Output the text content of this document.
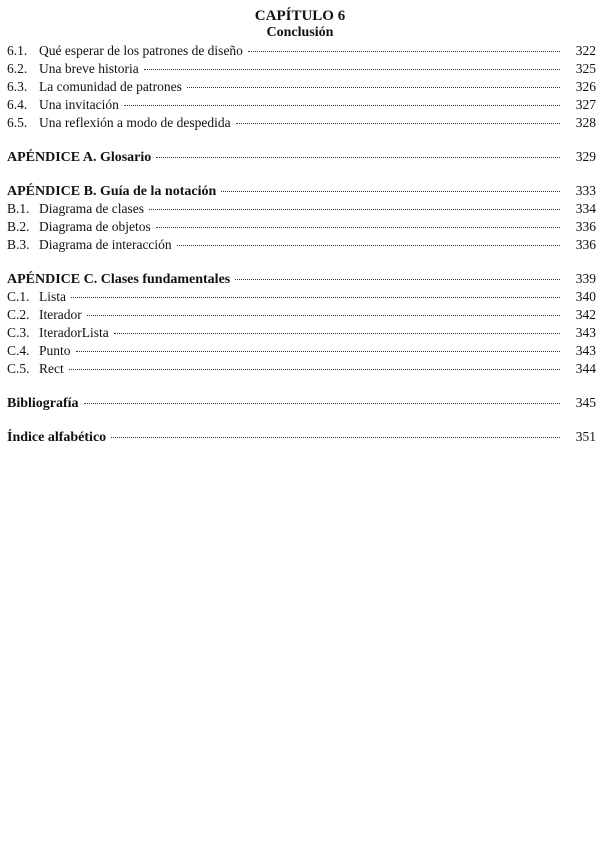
CAPÍTULO 6
Conclusión
6.1. Qué esperar de los patrones de diseño	322
6.2. Una breve historia	325
6.3. La comunidad de patrones	326
6.4. Una invitación	327
6.5. Una reflexión a modo de despedida	328
APÉNDICE A. Glosario	329
APÉNDICE B. Guía de la notación	333
B.1. Diagrama de clases	334
B.2. Diagrama de objetos	336
B.3. Diagrama de interacción	336
APÉNDICE C. Clases fundamentales	339
C.1. Lista	340
C.2. Iterador	342
C.3. IteradorLista	343
C.4. Punto	343
C.5. Rect	344
Bibliografía	345
Índice alfabético	351
